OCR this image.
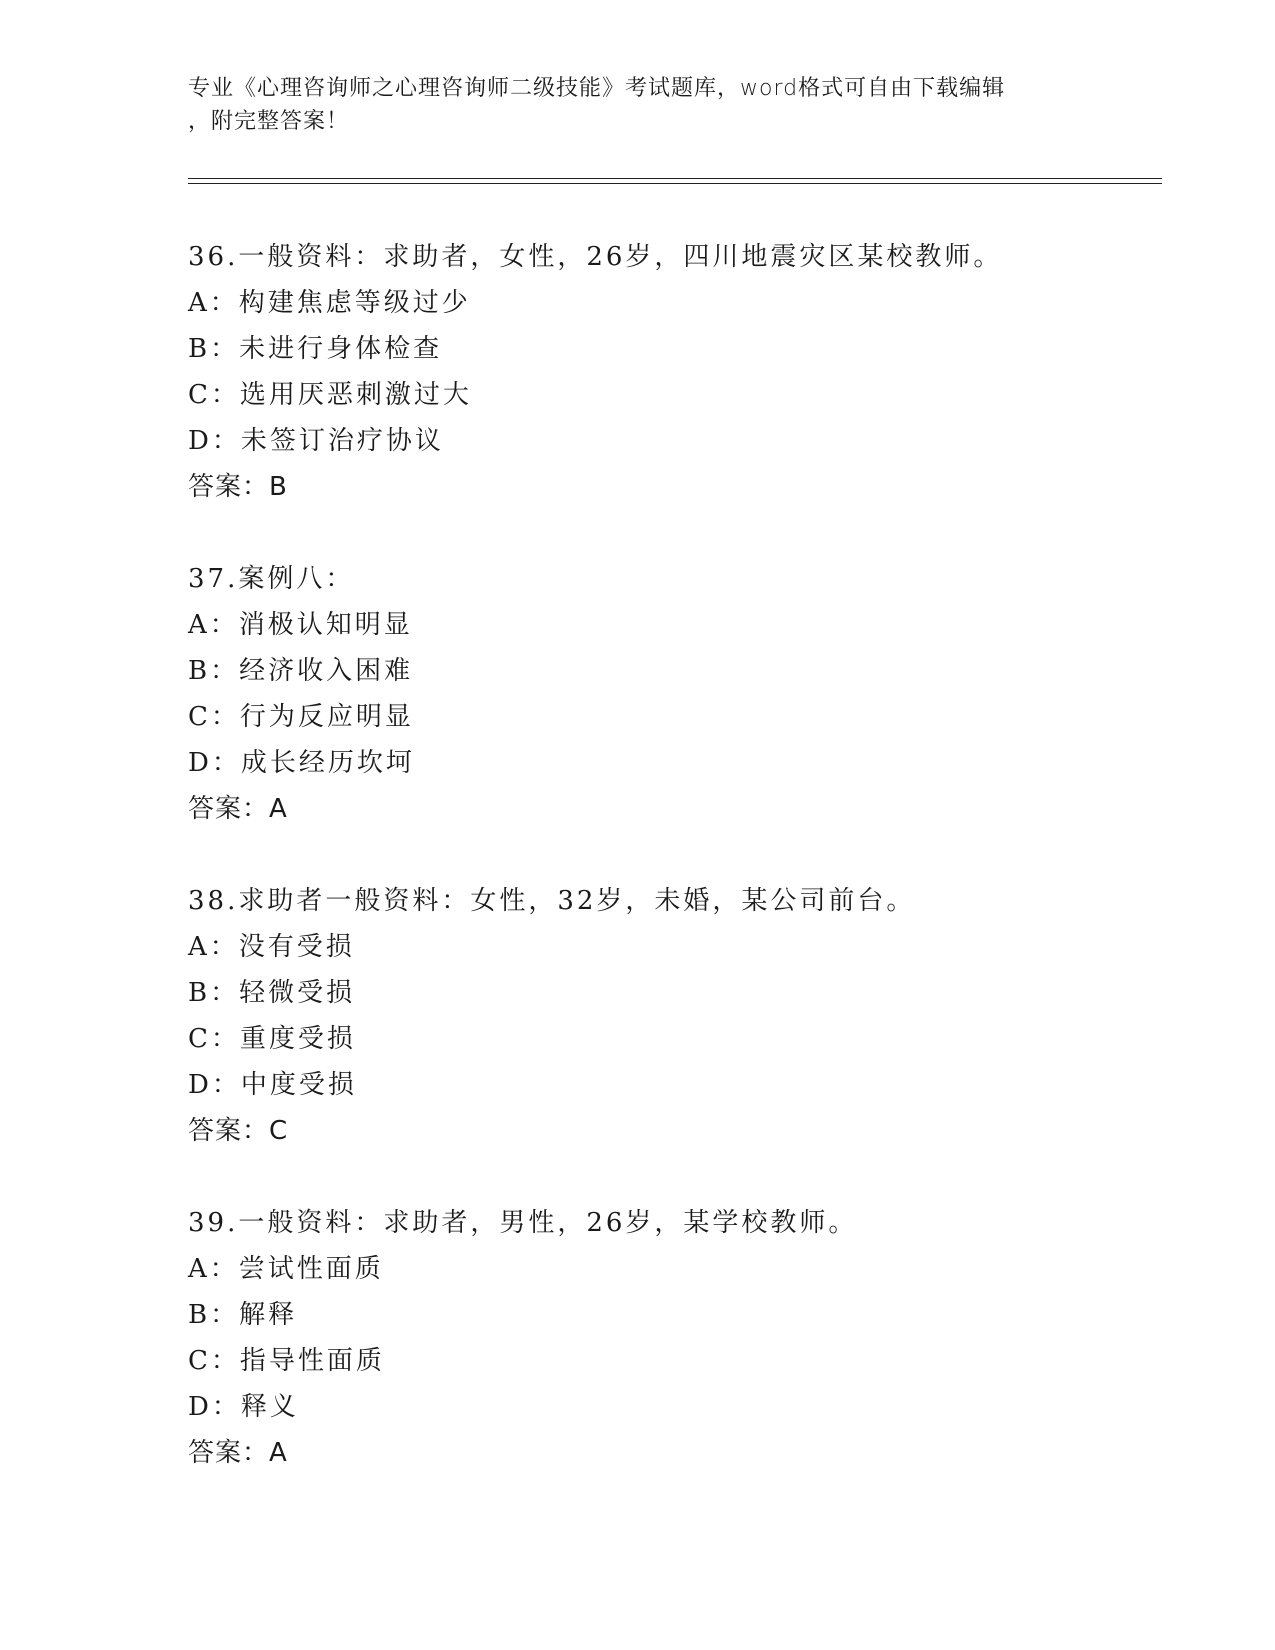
专业《心理咨询师之心理咨询师二级技能》考试题库，word格式可自由下载编辑
，附完整答案！
36.一般资料：求助者，女性，26岁，四川地震灾区某校教师。
A：构建焦虑等级过少
B：未进行身体检查
C：选用厌恶刺激过大
D：未签订治疗协议
答案：B
37.案例八：
A：消极认知明显
B：经济收入困难
C：行为反应明显
D：成长经历坎坷
答案：A
38.求助者一般资料：女性，32岁，未婚，某公司前台。
A：没有受损
B：轻微受损
C：重度受损
D：中度受损
答案：C
39.一般资料：求助者，男性，26岁，某学校教师。
A：尝试性面质
B：解释
C：指导性面质
D：释义
答案：A
